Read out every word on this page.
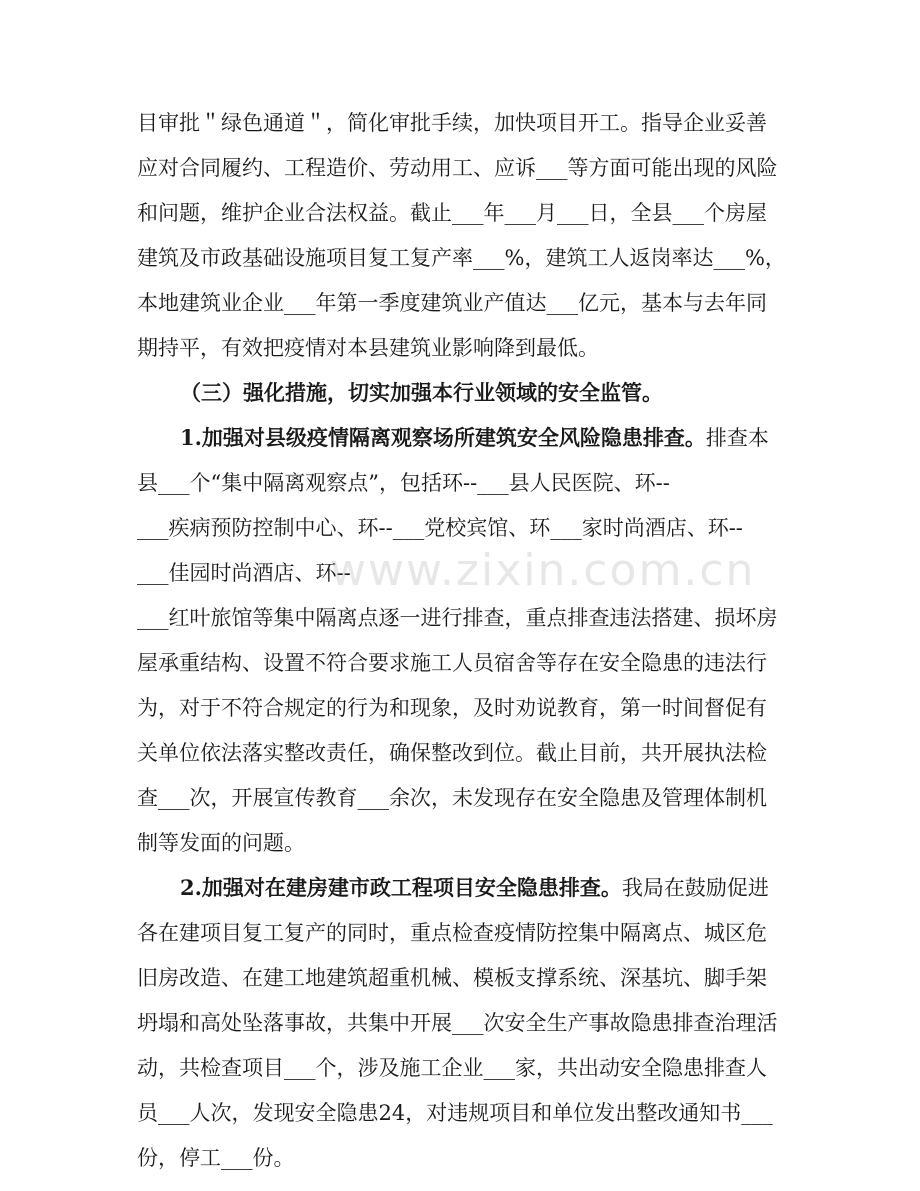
目审批＂绿色通道＂，简化审批手续，加快项目开工。指导企业妥善
应对合同履约、工程造价、劳动用工、应诉___等方面可能出现的风险
和问题，维护企业合法权益。截止___年___月___日，全县___个房屋
建筑及市政基础设施项目复工复产率___%，建筑工人返岗率达___%，
本地建筑业企业___年第一季度建筑业产值达___亿元，基本与去年同
期持平，有效把疫情对本县建筑业影响降到最低。
（三）强化措施，切实加强本行业领域的安全监管。
1.加强对县级疫情隔离观察场所建筑安全风险隐患排查。排查本
县___个“集中隔离观察点”，包括环--___县人民医院、环--
___疾病预防控制中心、环--___党校宾馆、环___家时尚酒店、环--
___佳园时尚酒店、环--
___红叶旅馆等集中隔离点逐一进行排查，重点排查违法搭建、损坏房
屋承重结构、设置不符合要求施工人员宿舍等存在安全隐患的违法行
为，对于不符合规定的行为和现象，及时劝说教育，第一时间督促有
关单位依法落实整改责任，确保整改到位。截止目前，共开展执法检
查___次，开展宣传教育___余次，未发现存在安全隐患及管理体制机
制等发面的问题。
2.加强对在建房建市政工程项目安全隐患排查。我局在鼓励促进
各在建项目复工复产的同时，重点检查疫情防控集中隔离点、城区危
旧房改造、在建工地建筑超重机械、模板支撑系统、深基坑、脚手架
坍塌和高处坠落事故，共集中开展___次安全生产事故隐患排查治理活
动，共检查项目___个，涉及施工企业___家，共出动安全隐患排查人
员___人次，发现安全隐患24，对违规项目和单位发出整改通知书___
份，停工___份。
www.zixin.com.cn
